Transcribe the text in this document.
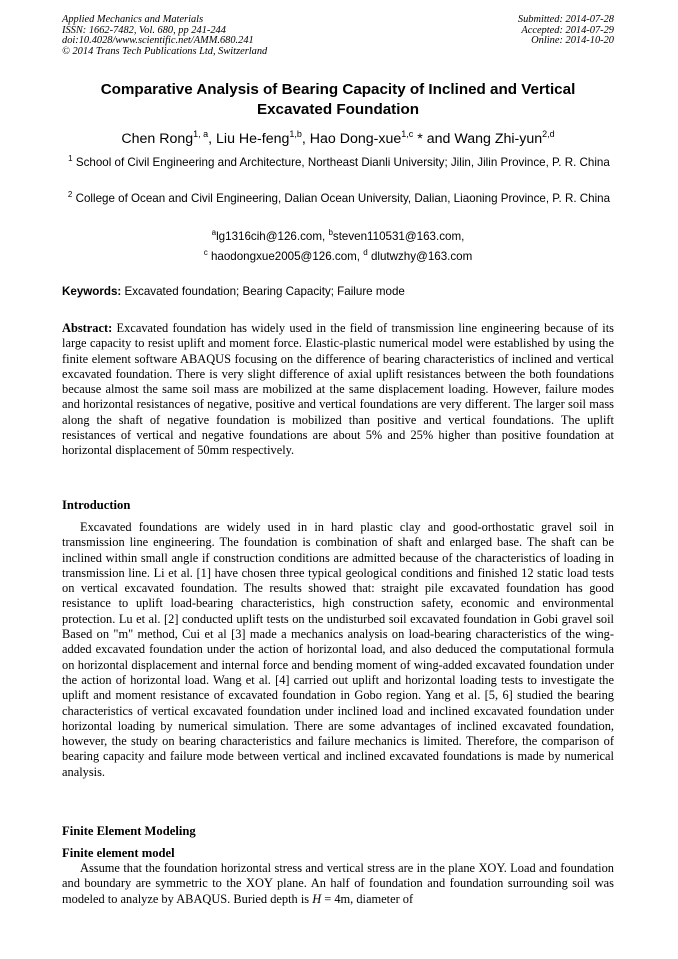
Applied Mechanics and Materials
ISSN: 1662-7482, Vol. 680, pp 241-244
doi:10.4028/www.scientific.net/AMM.680.241
© 2014 Trans Tech Publications Ltd, Switzerland
Submitted: 2014-07-28
Accepted: 2014-07-29
Online: 2014-10-20
Comparative Analysis of Bearing Capacity of Inclined and Vertical Excavated Foundation
Chen Rong$^{1, a}$, Liu He-feng$^{1,b}$, Hao Dong-xue$^{1,c}$ * and Wang Zhi-yun$^{2,d}$
$^1$ School of Civil Engineering and Architecture, Northeast Dianli University; Jilin, Jilin Province, P. R. China
$^2$ College of Ocean and Civil Engineering, Dalian Ocean University, Dalian, Liaoning Province, P. R. China
$^a$lg1316cih@126.com, $^b$steven110531@163.com,
$^c$ haodongxue2005@126.com, $^d$ dlutwzhy@163.com
Keywords: Excavated foundation; Bearing Capacity; Failure mode
Abstract: Excavated foundation has widely used in the field of transmission line engineering because of its large capacity to resist uplift and moment force. Elastic-plastic numerical model were established by using the finite element software ABAQUS focusing on the difference of bearing characteristics of inclined and vertical excavated foundation. There is very slight difference of axial uplift resistances between the both foundations because almost the same soil mass are mobilized at the same displacement loading. However, failure modes and horizontal resistances of negative, positive and vertical foundations are very different. The larger soil mass along the shaft of negative foundation is mobilized than positive and vertical foundations. The uplift resistances of vertical and negative foundations are about 5% and 25% higher than positive foundation at horizontal displacement of 50mm respectively.
Introduction
Excavated foundations are widely used in in hard plastic clay and good-orthostatic gravel soil in transmission line engineering. The foundation is combination of shaft and enlarged base. The shaft can be inclined within small angle if construction conditions are admitted because of the characteristics of loading in transmission line. Li et al. [1] have chosen three typical geological conditions and finished 12 static load tests on vertical excavated foundation. The results showed that: straight pile excavated foundation has good resistance to uplift load-bearing characteristics, high construction safety, economic and environmental protection. Lu et al. [2] conducted uplift tests on the undisturbed soil excavated foundation in Gobi gravel soil Based on "m" method, Cui et al [3] made a mechanics analysis on load-bearing characteristics of the wing-added excavated foundation under the action of horizontal load, and also deduced the computational formula on horizontal displacement and internal force and bending moment of wing-added excavated foundation under the action of horizontal load. Wang et al. [4] carried out uplift and horizontal loading tests to investigate the uplift and moment resistance of excavated foundation in Gobo region. Yang et al. [5, 6] studied the bearing characteristics of vertical excavated foundation under inclined load and inclined excavated foundation under horizontal loading by numerical simulation. There are some advantages of inclined excavated foundation, however, the study on bearing characteristics and failure mechanics is limited. Therefore, the comparison of bearing capacity and failure mode between vertical and inclined excavated foundations is made by numerical analysis.
Finite Element Modeling
Finite element model
Assume that the foundation horizontal stress and vertical stress are in the plane XOY. Load and foundation and boundary are symmetric to the XOY plane. An half of foundation and foundation surrounding soil was modeled to analyze by ABAQUS. Buried depth is H = 4m, diameter of
